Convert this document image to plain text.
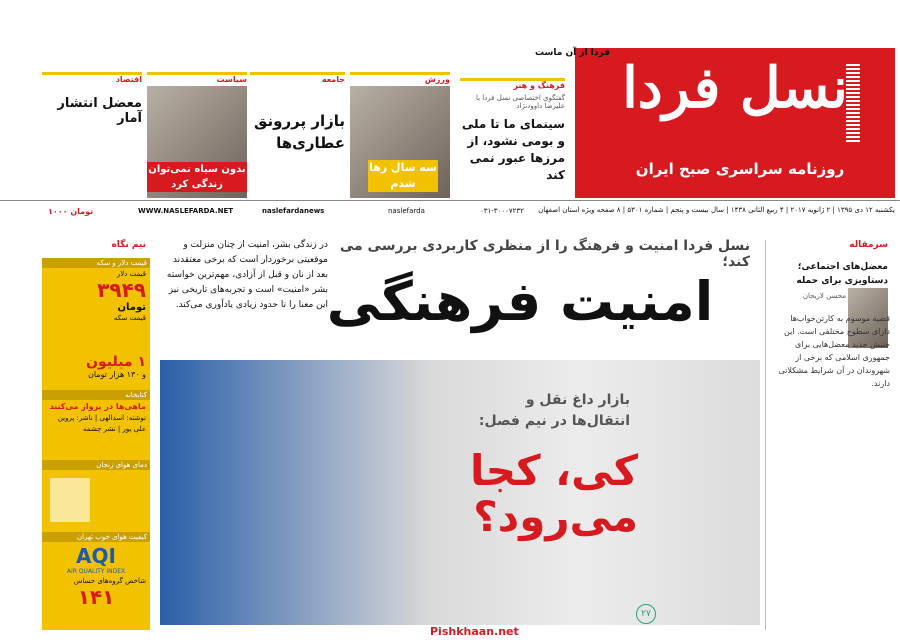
نسل فردا
روزنامه سراسری صبح ایران
فردا از آن ماست
فرهنگ و هنر
گفتگوی اختصاصی نسل فردا با علیرضا داوودنژاد
سینمای ما تا ملی و بومی نشود، از مرزها عبور نمی کند
ورزش
سه سال رها شدم
جامعه
بازار پررونق عطاری‌ها
سیاست
بدون سیاه نمی‌توان زندگی کرد
اقتصاد
معضل انتشار آمار
یکشنبه ۱۲ دی ۱۳۹۵ | ۲ ژانویه ۲۰۱۷ | ۴ ربیع الثانی ۱۴۳۸ | سال بیست و پنجم | شماره ۵۳۰۱ | ۸ صفحه ویژه استان اصفهان
WWW.NASLEFARDA.NET	naslefardanews	naslefarda	۰۳۱-۳۰۰۰۷۲۳۲
۱۰۰۰ تومان
نسل فردا امنیت و فرهنگ را از منظری کاربردی بررسی می کند؛
امنیت فرهنگی
در زندگی بشر، امنیت از چنان منزلت و موقعیتی برخوردار است که برخی معتقدند بعد از نان و قبل از آزادی، مهم‌ترین خواسته بشر «امنیت» است و تجربه‌های تاریخی نیز این معنا را تا حدود زیادی یادآوری می‌کند.
بازار داغ نقل و انتقال‌ها در نیم فصل:
کی، کجا می‌رود؟
۲۷
سرمقاله
معضل‌های اجتماعی؛ دستاویزی برای حمله
محسن لاریجان
قضیه موسوم به کارتن‌خواب‌ها دارای سطوح مختلفی است. این جنبش جدید معضل‌هایی برای جمهوری اسلامی که برخی از شهروندان در آن شرایط مشکلاتی دارند.
نیم نگاه
قیمت دلار و سکه
قیمت دلار
۳۹۴۹
تومان
قیمت سکه
۱ میلیون
و ۱۳۰ هزار تومان
کتابخانه
ماهی‌ها در پرواز می‌کنند
نوشته: اسدالهی | ناشر: پروین علی پور | نشر چشمه
دمای هوای زنجان
کیفیت هوای خوب تهران
AQI
AIR QUALITY INDEX
شاخص گروه‌های حساس
۱۴۱
Pishkhaan.net
